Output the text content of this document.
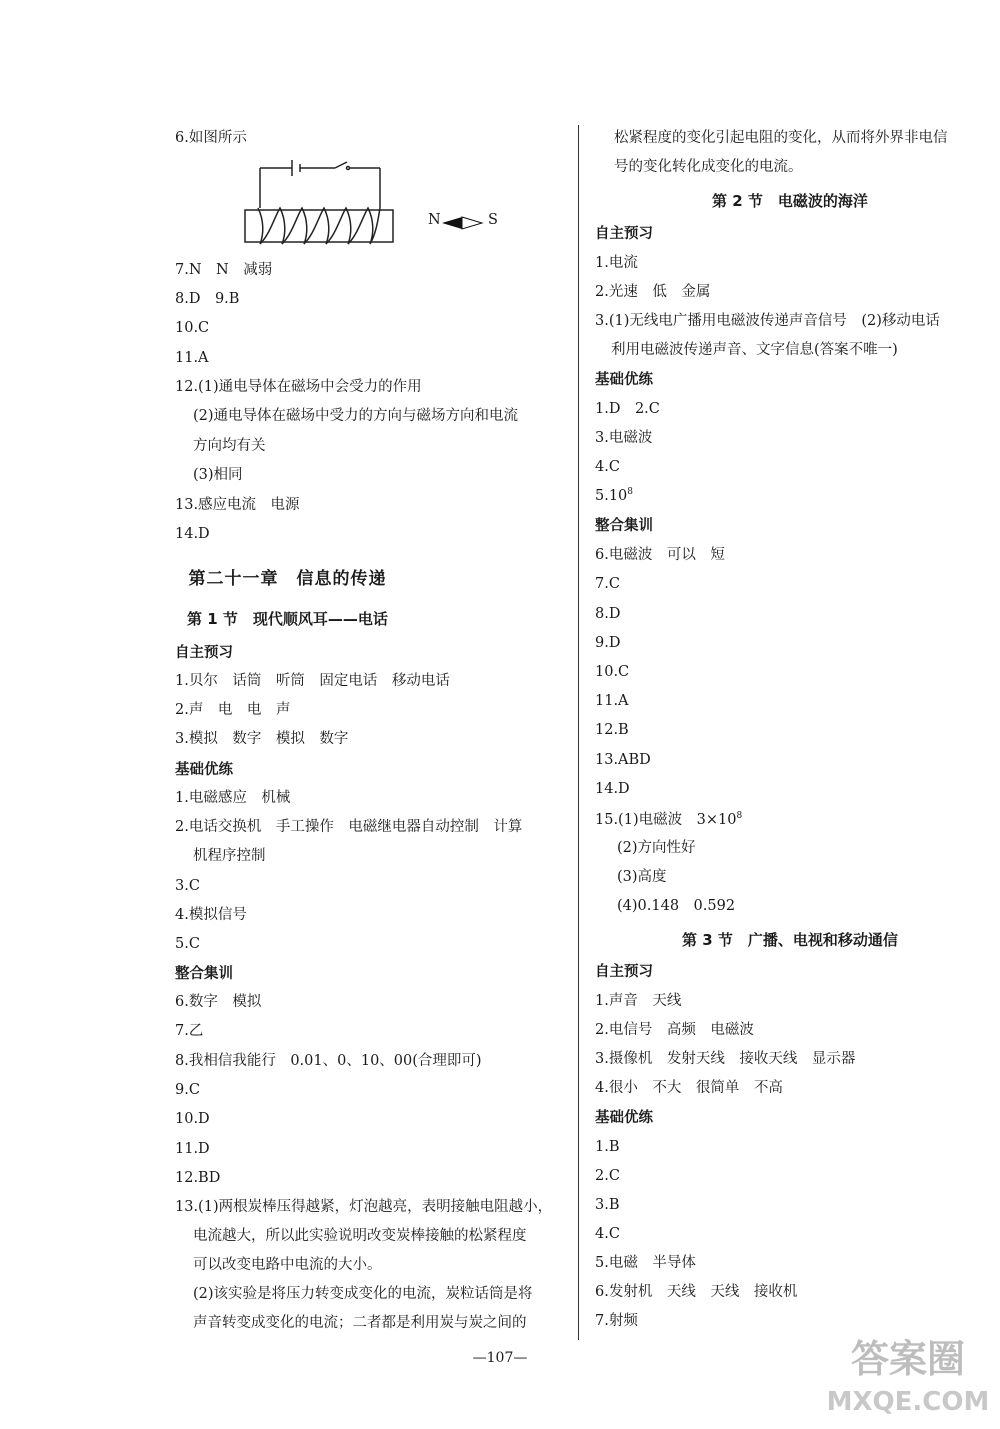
6.如图所示
7.N　N　减弱
8.D　9.B
10.C
11.A
12.(1)通电导体在磁场中会受力的作用
(2)通电导体在磁场中受力的方向与磁场方向和电流
方向均有关
(3)相同
13.感应电流　电源
14.D
自主预习
1.贝尔　话筒　听筒　固定电话　移动电话
2.声　电　电　声
3.模拟　数字　模拟　数字
基础优练
1.电磁感应　机械
2.电话交换机　手工操作　电磁继电器自动控制　计算
机程序控制
3.C
4.模拟信号
5.C
整合集训
6.数字　模拟
7.乙
8.我相信我能行　0.01、0、10、00(合理即可)
9.C
10.D
11.D
12.BD
13.(1)两根炭棒压得越紧，灯泡越亮，表明接触电阻越小，
电流越大，所以此实验说明改变炭棒接触的松紧程度
可以改变电路中电流的大小。
(2)该实验是将压力转变成变化的电流，炭粒话筒是将
声音转变成变化的电流；二者都是利用炭与炭之间的
松紧程度的变化引起电阻的变化，从而将外界非电信
号的变化转化成变化的电流。
自主预习
1.电流
2.光速　低　金属
3.(1)无线电广播用电磁波传递声音信号　(2)移动电话
利用电磁波传递声音、文字信息(答案不唯一)
基础优练
1.D　2.C
3.电磁波
4.C
整合集训
6.电磁波　可以　短
7.C
8.D
9.D
10.C
11.A
12.B
13.ABD
14.D
(2)方向性好
(3)高度
(4)0.148　0.592
自主预习
1.声音　天线
2.电信号　高频　电磁波
3.摄像机　发射天线　接收天线　显示器
4.很小　不大　很简单　不高
基础优练
1.B
2.C
3.B
4.C
5.电磁　半导体
6.发射机　天线　天线　接收机
7.射频
第二十一章　信息的传递
第 1 节　现代顺风耳——电话
第 2 节　电磁波的海洋
第 3 节　广播、电视和移动通信
5.10$^8$
15.(1)电磁波　$3\times 10^8$
N	S
—107—	答案圈
MXQE.COM
